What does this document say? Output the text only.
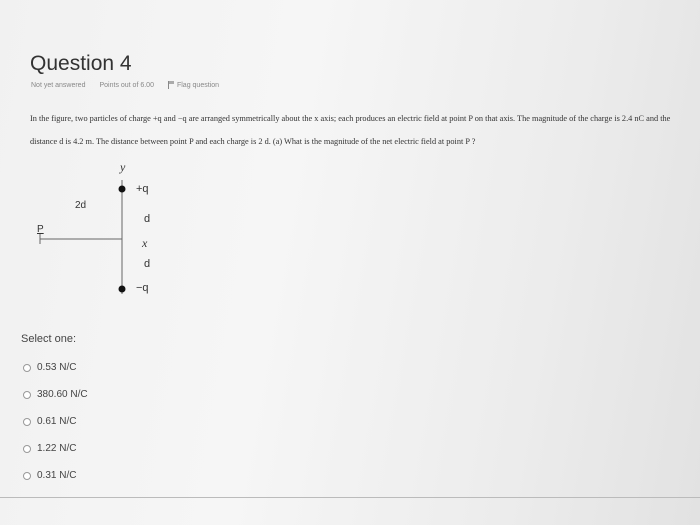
Question 4
Not yet answered Points out of 6.00	Flag question
In the figure, two particles of charge +q and −q are arranged symmetrically about the x axis; each produces an electric field at point P on that axis. The magnitude of the charge is 2.4 nC and the distance d is 4.2 m. The distance between point P and each charge is 2 d. (a) What is the magnitude of the net electric field at point P ?
y
+q
d
x
d
−q
2d
P
Select one:
0.53 N/C
380.60 N/C
0.61 N/C
1.22 N/C
0.31 N/C
